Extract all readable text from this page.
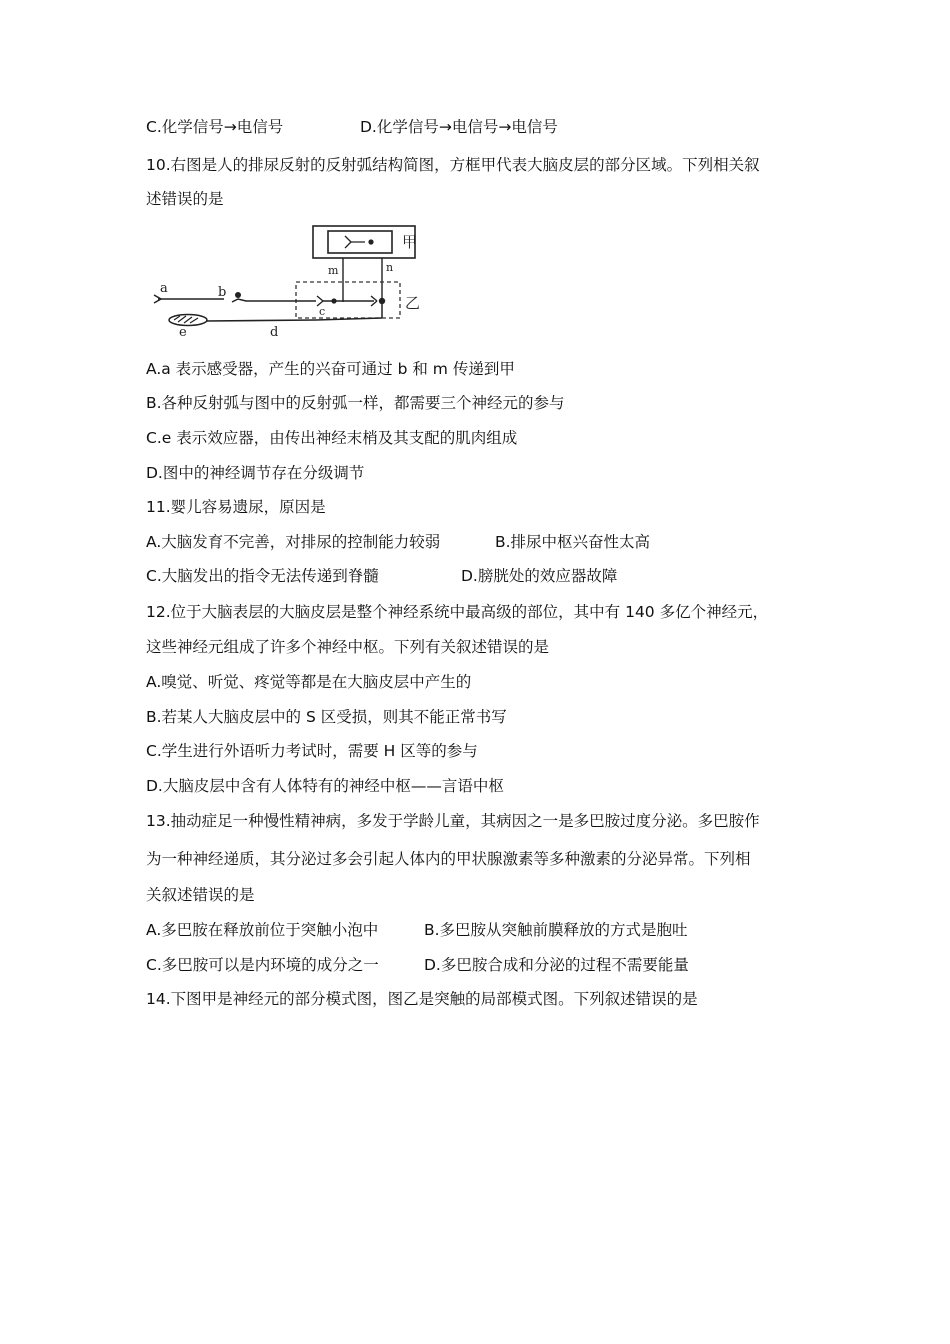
C.化学信号→电信号	D.化学信号→电信号→电信号
10.右图是人的排尿反射的反射弧结构简图，方框甲代表大脑皮层的部分区域。下列相关叙
述错误的是
甲
m	n
乙
a	b
c
d
e
A.a 表示感受器，产生的兴奋可通过 b 和 m 传递到甲
B.各种反射弧与图中的反射弧一样，都需要三个神经元的参与
C.e 表示效应器，由传出神经末梢及其支配的肌肉组成
D.图中的神经调节存在分级调节
11.婴儿容易遗尿，原因是
A.大脑发育不完善，对排尿的控制能力较弱	B.排尿中枢兴奋性太高
C.大脑发出的指令无法传递到脊髓	D.膀胱处的效应器故障
12.位于大脑表层的大脑皮层是整个神经系统中最高级的部位，其中有 140 多亿个神经元，
这些神经元组成了许多个神经中枢。下列有关叙述错误的是
A.嗅觉、听觉、疼觉等都是在大脑皮层中产生的
B.若某人大脑皮层中的 S 区受损，则其不能正常书写
C.学生进行外语听力考试时，需要 H 区等的参与
D.大脑皮层中含有人体特有的神经中枢——言语中枢
13.抽动症足一种慢性精神病，多发于学龄儿童，其病因之一是多巴胺过度分泌。多巴胺作
为一种神经递质，其分泌过多会引起人体内的甲状腺激素等多种激素的分泌异常。下列相
关叙述错误的是
A.多巴胺在释放前位于突触小泡中	B.多巴胺从突触前膜释放的方式是胞吐
C.多巴胺可以是内环境的成分之一	D.多巴胺合成和分泌的过程不需要能量
14.下图甲是神经元的部分模式图，图乙是突触的局部模式图。下列叙述错误的是
